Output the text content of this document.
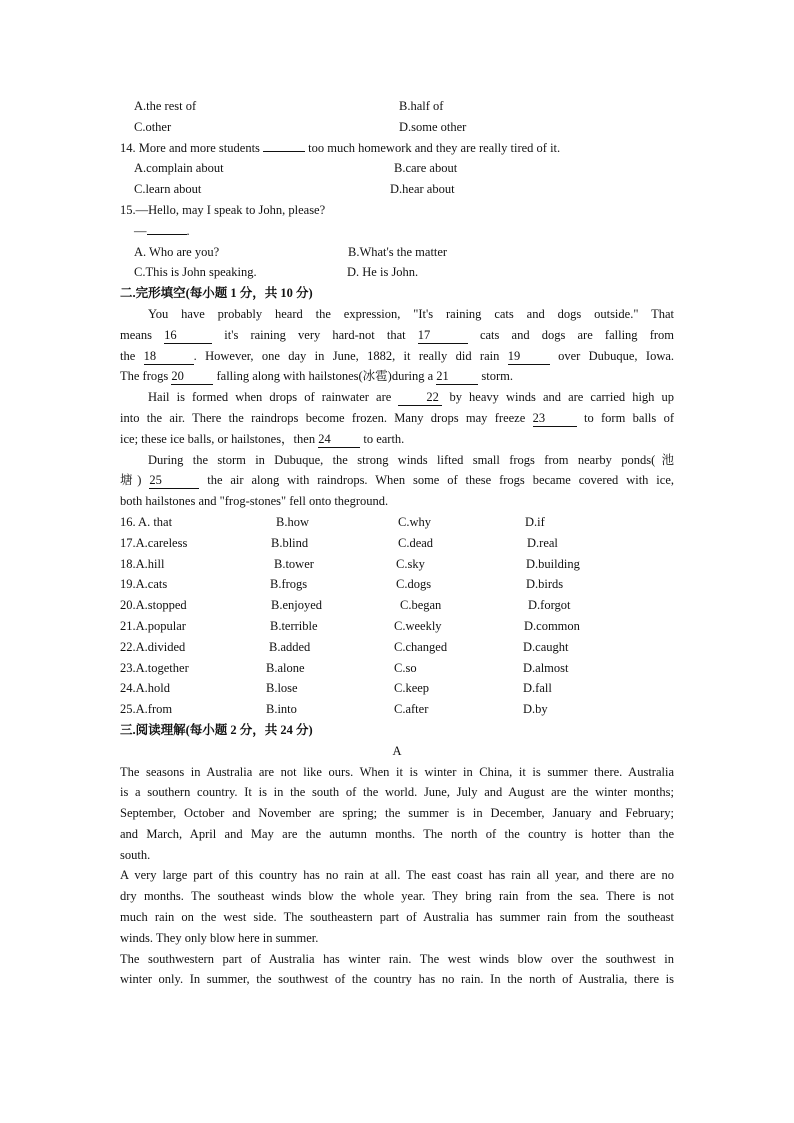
A.the rest of	B.half of
C.other	D.some other
14. More and more students	too much homework and they are really tired of it.
A.complain about	B.care about
C.learn about	D.hear about
15.—Hello, may I speak to John, please?
—	.
A. Who are you?	B.What's the matter
C.This is John speaking.	D. He is John.
二.完形填空(每小题 1 分，共 10 分)
You have probably heard the expression, "It's raining cats and dogs outside." That
means 16	it's raining very hard-not that 17	cats and dogs are falling from
the 18	. However, one day in June, 1882, it really did rain 19	over Dubuque, Iowa.
The frogs 20	falling along with hailstones(冰雹)during a 21	storm.
Hail is formed when drops of rainwater are	22 by heavy winds and are carried high up
into the air. There the raindrops become frozen. Many drops may freeze 23	to form balls of
ice; these ice balls, or hailstones，then 24	to earth.
During the storm in Dubuque, the strong winds lifted small frogs from nearby ponds(池
塘) 25	the air along with raindrops. When some of these frogs became covered with ice,
both hailstones and "frog-stones" fell onto theground.
16. A. that	B.how	C.why	D.if
17.A.careless	B.blind	C.dead	D.real
18.A.hill	B.tower	C.sky	D.building
19.A.cats	B.frogs	C.dogs	D.birds
20.A.stopped	B.enjoyed	C.began	D.forgot
21.A.popular	B.terrible	C.weekly	D.common
22.A.divided	B.added	C.changed	D.caught
23.A.together	B.alone	C.so	D.almost
24.A.hold	B.lose	C.keep	D.fall
25.A.from	B.into	C.after	D.by
三.阅读理解(每小题 2 分，共 24 分)
A
The seasons in Australia are not like ours. When it is winter in China, it is summer there. Australia
is a southern country. It is in the south of the world. June, July and August are the winter months;
September, October and November are spring; the summer is in December, January and February;
and March, April and May are the autumn months. The north of the country is hotter than the
south.
A very large part of this country has no rain at all. The east coast has rain all year, and there are no
dry months. The southeast winds blow the whole year. They bring rain from the sea. There is not
much rain on the west side. The southeastern part of Australia has summer rain from the southeast
winds. They only blow here in summer.
The southwestern part of Australia has winter rain. The west winds blow over the southwest in
winter only. In summer, the southwest of the country has no rain. In the north of Australia, there is
